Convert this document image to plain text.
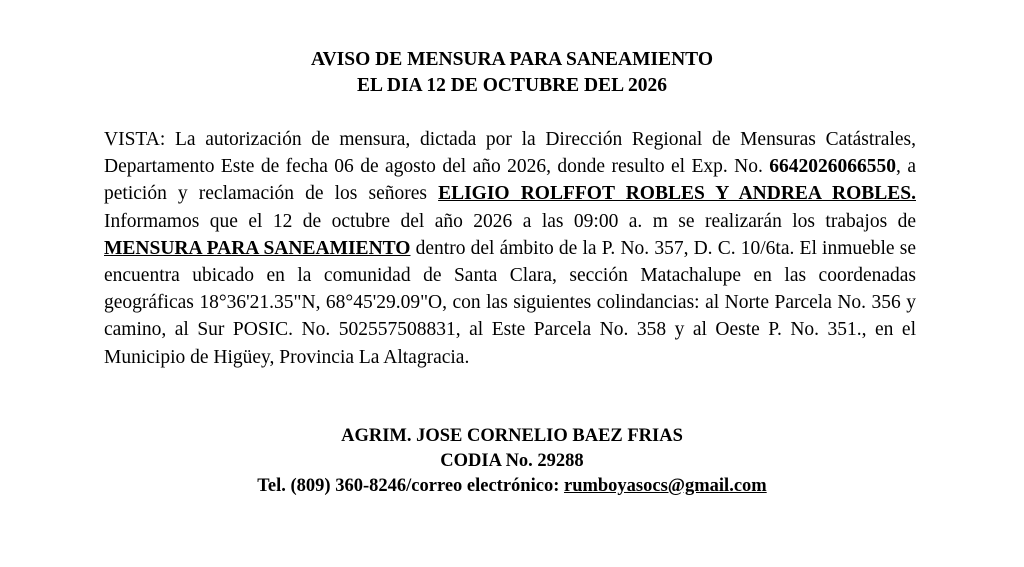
AVISO DE MENSURA PARA SANEAMIENTO
EL DIA 12 DE OCTUBRE DEL 2026
VISTA: La autorización de mensura, dictada por la Dirección Regional de Mensuras Catástrales, Departamento Este de fecha 06 de agosto del año 2026, donde resulto el Exp. No. 6642026066550, a petición y reclamación de los señores ELIGIO ROLFFOT ROBLES Y ANDREA ROBLES. Informamos que el 12 de octubre del año 2026 a las 09:00 a. m se realizarán los trabajos de MENSURA PARA SANEAMIENTO dentro del ámbito de la P. No. 357, D. C. 10/6ta. El inmueble se encuentra ubicado en la comunidad de Santa Clara, sección Matachalupe en las coordenadas geográficas 18°36'21.35"N, 68°45'29.09"O, con las siguientes colindancias: al Norte Parcela No. 356 y camino, al Sur POSIC. No. 502557508831, al Este Parcela No. 358 y al Oeste P. No. 351., en el Municipio de Higüey, Provincia La Altagracia.
AGRIM. JOSE CORNELIO BAEZ FRIAS
CODIA No. 29288
Tel. (809) 360-8246/correo electrónico: rumboyasocs@gmail.com
